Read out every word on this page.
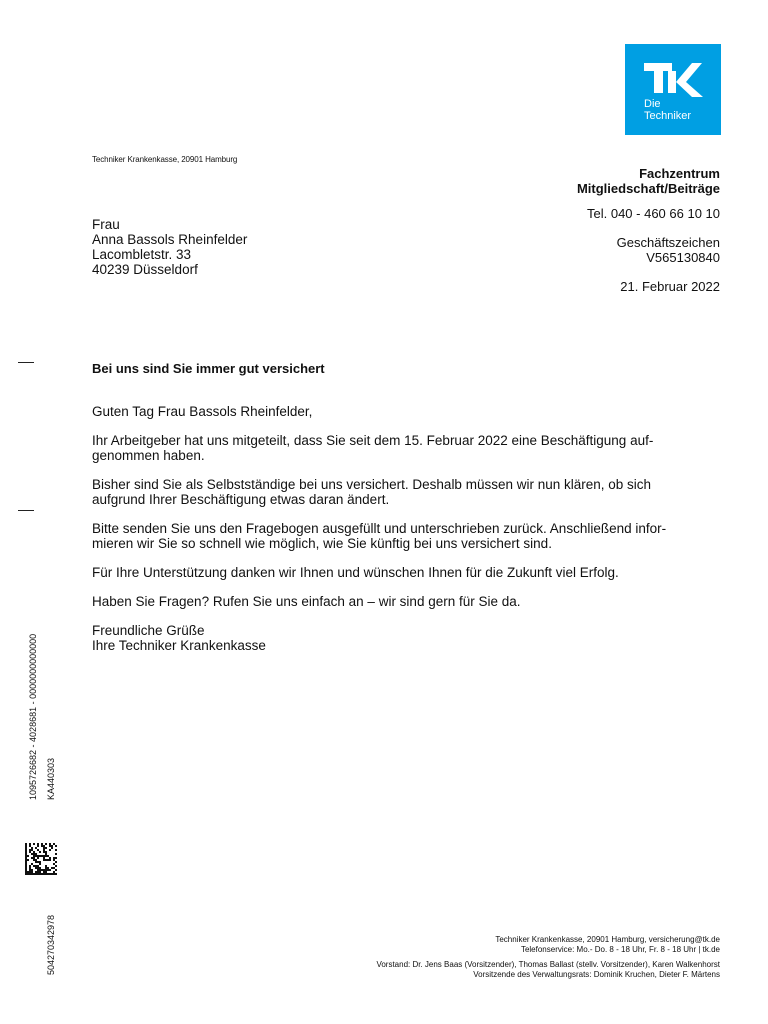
Die
Techniker
Techniker Krankenkasse, 20901 Hamburg
Fachzentrum
Mitgliedschaft/Beiträge
Tel. 040 - 460 66 10 10
Geschäftszeichen
V565130840
21. Februar 2022
Frau
Anna Bassols Rheinfelder
Lacombletstr. 33
40239 Düsseldorf
Bei uns sind Sie immer gut versichert

Guten Tag Frau Bassols Rheinfelder,

Ihr Arbeitgeber hat uns mitgeteilt, dass Sie seit dem 15. Februar 2022 eine Beschäftigung auf-
genommen haben.

Bisher sind Sie als Selbstständige bei uns versichert. Deshalb müssen wir nun klären, ob sich
aufgrund Ihrer Beschäftigung etwas daran ändert.

Bitte senden Sie uns den Fragebogen ausgefüllt und unterschrieben zurück. Anschließend infor-
mieren wir Sie so schnell wie möglich, wie Sie künftig bei uns versichert sind.

Für Ihre Unterstützung danken wir Ihnen und wünschen Ihnen für die Zukunft viel Erfolg.

Haben Sie Fragen? Rufen Sie uns einfach an – wir sind gern für Sie da.

Freundliche Grüße
Ihre Techniker Krankenkasse

1095726682 - 4028681 - 0000000000000 KA440303
504270342978	Techniker Krankenkasse, 20901 Hamburg, versicherung@tk.de
Telefonservice: Mo.- Do. 8 - 18 Uhr, Fr. 8 - 18 Uhr | tk.de
Vorstand: Dr. Jens Baas (Vorsitzender), Thomas Ballast (stellv. Vorsitzender), Karen Walkenhorst
Vorsitzende des Verwaltungsrats: Dominik Kruchen, Dieter F. Märtens
